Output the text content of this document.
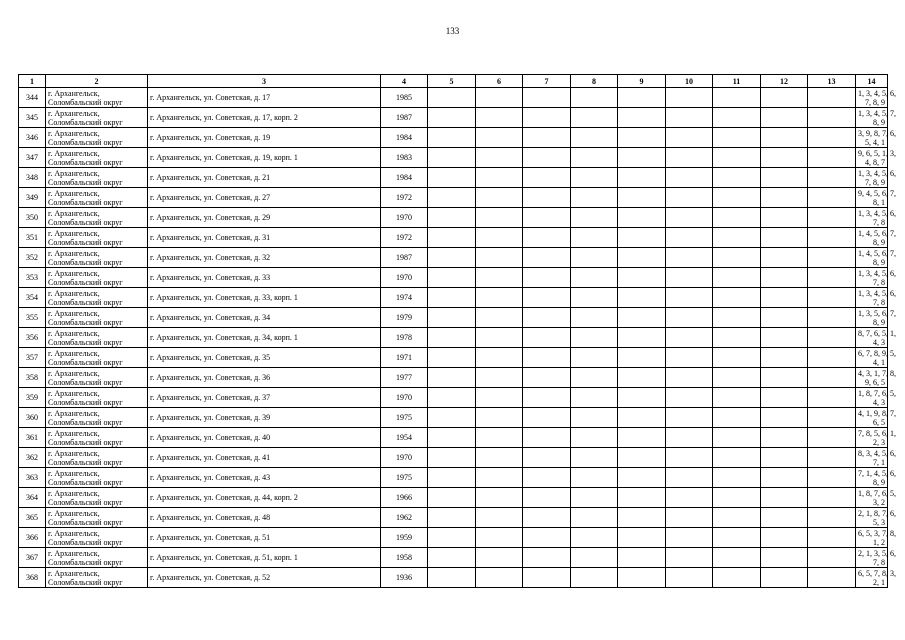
133
1	2	3	4	5	6	7	8	9	10	11	12	13	14
344	г. Архангельск,
Соломбальский округ	г. Архангельск, ул. Советская, д. 17	1985										1, 3, 4, 5, 6,
7, 8, 9

345	г. Архангельск,
Соломбальский округ	г. Архангельск, ул. Советская, д. 17, корп. 2	1987										1, 3, 4, 5, 7,
8, 9

346	г. Архангельск,
Соломбальский округ	г. Архангельск, ул. Советская, д. 19	1984										3, 9, 8, 7, 6,
5, 4, 1

347	г. Архангельск,
Соломбальский округ	г. Архангельск, ул. Советская, д. 19, корп. 1	1983										9, 6, 5, 1, 3,
4, 8, 7

348	г. Архангельск,
Соломбальский округ	г. Архангельск, ул. Советская, д. 21	1984										1, 3, 4, 5, 6,
7, 8, 9

349	г. Архангельск,
Соломбальский округ	г. Архангельск, ул. Советская, д. 27	1972										9, 4, 5, 6, 7,
8, 1

350	г. Архангельск,
Соломбальский округ	г. Архангельск, ул. Советская, д. 29	1970										1, 3, 4, 5, 6,
7, 8

351	г. Архангельск,
Соломбальский округ	г. Архангельск, ул. Советская, д. 31	1972										1, 4, 5, 6, 7,
8, 9

352	г. Архангельск,
Соломбальский округ	г. Архангельск, ул. Советская, д. 32	1987										1, 4, 5, 6, 7,
8, 9

353	г. Архангельск,
Соломбальский округ	г. Архангельск, ул. Советская, д. 33	1970										1, 3, 4, 5, 6,
7, 8

354	г. Архангельск,
Соломбальский округ	г. Архангельск, ул. Советская, д. 33, корп. 1	1974										1, 3, 4, 5, 6,
7, 8

355	г. Архангельск,
Соломбальский округ	г. Архангельск, ул. Советская, д. 34	1979										1, 3, 5, 6, 7,
8, 9

356	г. Архангельск,
Соломбальский округ	г. Архангельск, ул. Советская, д. 34, корп. 1	1978										8, 7, 6, 5, 1,
4, 3

357	г. Архангельск,
Соломбальский округ	г. Архангельск, ул. Советская, д. 35	1971										6, 7, 8, 9, 5,
4, 1

358	г. Архангельск,
Соломбальский округ	г. Архангельск, ул. Советская, д. 36	1977										4, 3, 1, 7, 8,
9, 6, 5

359	г. Архангельск,
Соломбальский округ	г. Архангельск, ул. Советская, д. 37	1970										1, 8, 7, 6, 5,
4, 3

360	г. Архангельск,
Соломбальский округ	г. Архангельск, ул. Советская, д. 39	1975										4, 1, 9, 8, 7,
6, 5

361	г. Архангельск,
Соломбальский округ	г. Архангельск, ул. Советская, д. 40	1954										7, 8, 5, 6, 1,
2, 3

362	г. Архангельск,
Соломбальский округ	г. Архангельск, ул. Советская, д. 41	1970										8, 3, 4, 5, 6,
7, 1

363	г. Архангельск,
Соломбальский округ	г. Архангельск, ул. Советская, д. 43	1975										7, 1, 4, 5, 6,
8, 9

364	г. Архангельск,
Соломбальский округ	г. Архангельск, ул. Советская, д. 44, корп. 2	1966										1, 8, 7, 6, 5,
3, 2

365	г. Архангельск,
Соломбальский округ	г. Архангельск, ул. Советская, д. 48	1962										2, 1, 8, 7, 6,
5, 3

366	г. Архангельск,
Соломбальский округ	г. Архангельск, ул. Советская, д. 51	1959										6, 5, 3, 7, 8,
1, 2

367	г. Архангельск,
Соломбальский округ	г. Архангельск, ул. Советская, д. 51, корп. 1	1958										2, 1, 3, 5, 6,
7, 8

368	г. Архангельск,
Соломбальский округ	г. Архангельск, ул. Советская, д. 52	1936										6, 5, 7, 8, 3,
2, 1
